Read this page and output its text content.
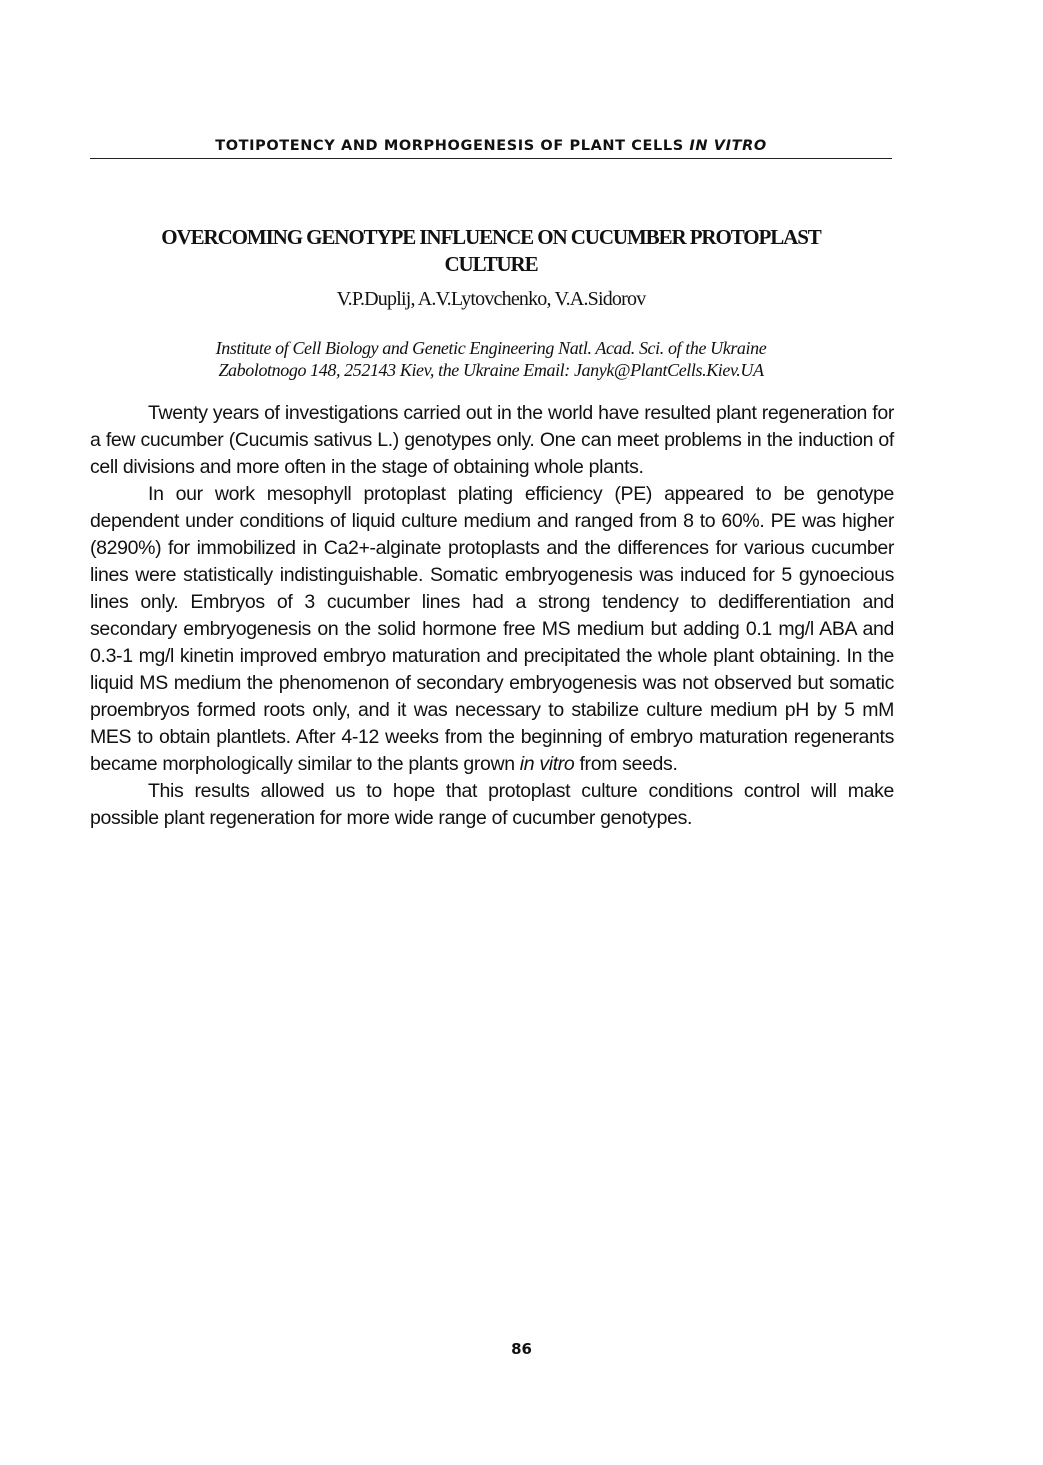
TOTIPOTENCY AND MORPHOGENESIS OF PLANT CELLS IN VITRO
OVERCOMING GENOTYPE INFLUENCE ON CUCUMBER PROTOPLAST
CULTURE
V.P.Duplij, A.V.Lytovchenko, V.A.Sidorov
Institute of Cell Biology and Genetic Engineering Natl. Acad. Sci. of the Ukraine
Zabolotnogo 148, 252143 Kiev, the Ukraine Email: Janyk@PlantCells.Kiev.UA

Twenty years of investigations carried out in the world have resulted plant regeneration for a few cucumber (Cucumis sativus L.) genotypes only. One can meet problems in the induction of cell divisions and more often in the stage of obtaining whole plants.

In our work mesophyll protoplast plating efficiency (PE) appeared to be genotype dependent under conditions of liquid culture medium and ranged from 8 to 60%. PE was higher (8290%) for immobilized in Ca2+-alginate protoplasts and the differences for various cucumber lines were statistically indistinguishable. Somatic embryogenesis was induced for 5 gynoecious lines only. Embryos of 3 cucumber lines had a strong tendency to dedifferentiation and secondary embryogenesis on the solid hormone free MS medium but adding 0.1 mg/l ABA and 0.3-1 mg/l kinetin improved embryo maturation and precipitated the whole plant obtaining. In the liquid MS medium the phenomenon of secondary embryogenesis was not observed but somatic proembryos formed roots only, and it was necessary to stabilize culture medium pH by 5 mM MES to obtain plantlets. After 4-12 weeks from the beginning of embryo maturation regenerants became morphologically similar to the plants grown in vitro from seeds.

This results allowed us to hope that protoplast culture conditions control will make possible plant regeneration for more wide range of cucumber genotypes.

86
